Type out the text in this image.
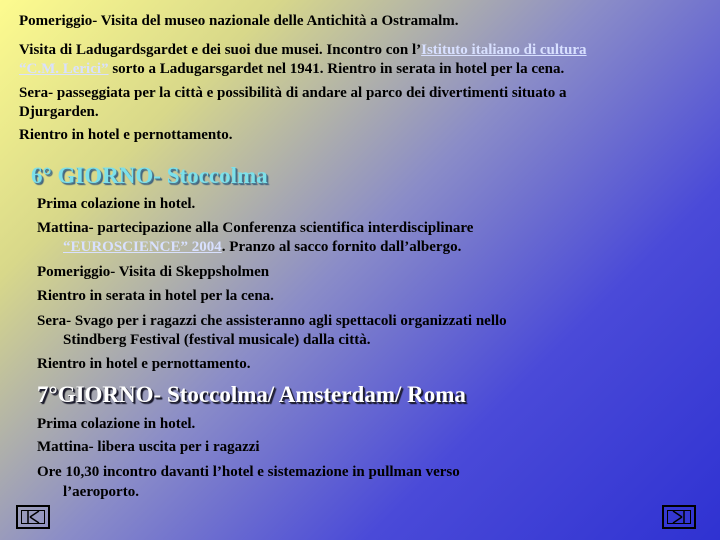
Pomeriggio- Visita del museo nazionale delle Antichità a Ostramalm.
Visita di Ladugardsgardet e dei suoi due musei. Incontro con l’Istituto italiano di cultura
“C.M. Lerici” sorto a Ladugarsgardet nel 1941. Rientro in serata in hotel per la cena.
Sera- passeggiata per la città e possibilità di andare al parco dei divertimenti situato a
Djurgarden.
Rientro in hotel e pernottamento.
6° GIORNO- Stoccolma
Prima colazione in hotel.
Mattina- partecipazione alla Conferenza scientifica interdisciplinare
“EUROSCIENCE” 2004. Pranzo al sacco fornito dall’albergo.
Pomeriggio- Visita di Skeppsholmen
Rientro in serata in hotel per la cena.
Sera- Svago per i ragazzi che assisteranno agli spettacoli organizzati nello
Stindberg Festival (festival musicale) dalla città.
Rientro in hotel e pernottamento.
7°GIORNO- Stoccolma/ Amsterdam/ Roma
Prima colazione in hotel.
Mattina- libera uscita per i ragazzi
Ore 10,30 incontro davanti l’hotel e sistemazione in pullman verso
l’aeroporto.
